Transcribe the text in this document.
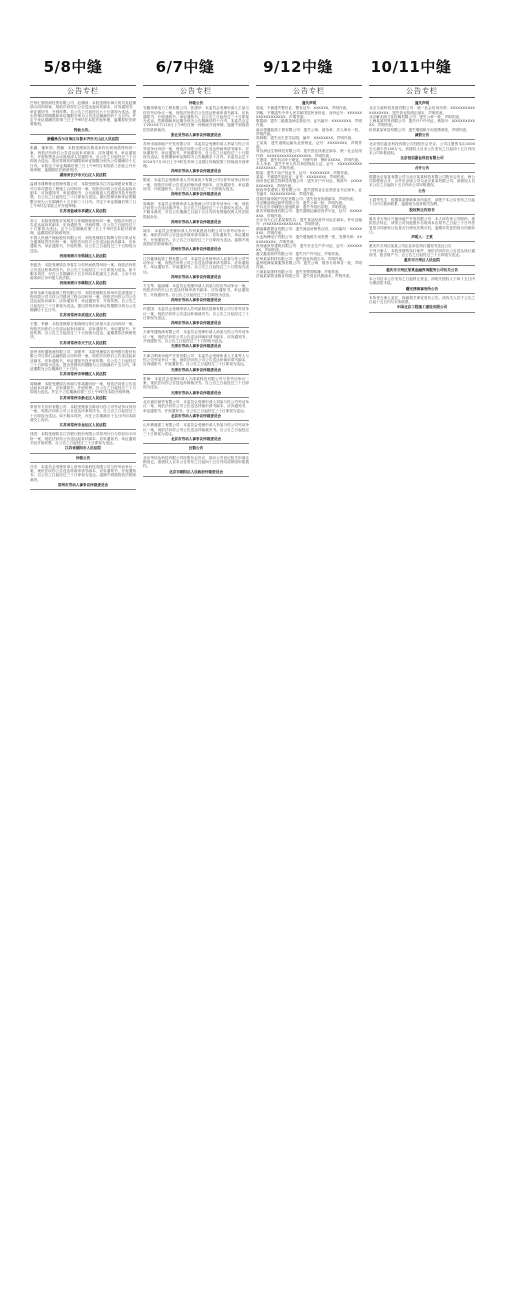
5/8中缝	6/7中缝	9/12中缝	10/11中缝
公告专栏
巴州汇德信润投资有限公司、赵渊侦：本院受理乐淘与贵司及赵渊侦合同纠纷案，现依法向你们公告送达起诉状副本、应诉通知书、举证通知书、开庭传票。自公告之日起经过六十日即视为送达。提出答辩状的期限和举证期限分别为公告送达期满后的十五日内。并定于举证期满后的第三日上午9时在本院开庭审理，逾期将依法缺席裁判。
特此公告。
新疆维吾尔自治区乌鲁木齐市天山区人民法院
张鹏、董家园、贾鹏：本院受理原告陈希诉你们民间借贷纠纷一案，现依法向你们公告送达起诉状副本、应诉通知书、举证通知书、开庭传票及合议庭组成人员通知书。自公告之日起经过三十日即视为送达。提出答辩状的期限和举证期限分别为公告期满后十五日内。本院定于举证期满后第三日上午9时在本院第三法庭公开开庭审理，逾期将依法缺席判决。
湖南省长沙市天心区人民法院
盐城市晟辉物业管理有限公司：本院受理原告江苏盐城建设有限公司与你司建设工程施工合同纠纷一案，现依法向你公告送达起诉状副本、应诉通知书、举证通知书、合议庭组成人员通知书及开庭传票。自公告之日起经过三十日即视为送达。提出答辩状和举证的期限分别为公告期满后十五日和三十日内。并定于举证期满后第三日上午9时在本院公开开庭审理。
江苏省盐城市亭湖区人民法院
高义：本院受理原告吴明芳与你婚姻家庭纠纷一案，现依法向你公告送达起诉状副本、应诉通知书、开庭传票。自公告之日起经过三十日即视为送达。定于公告期满后第三日上午9时在本院开庭审理，逾期将依法缺席判决。
中国人民财产保险股份有限公司：本院受理原告陈辉与你方机动车交通事故责任纠纷一案，现依法向你方公告送达起诉状副本、应诉通知书、举证通知书、开庭传票。自公告之日起经过三十日即视为送达。
河南省商丘市梁园区人民法院
李振杰：本院受理原告李春生与你民间借贷纠纷一案，现依法向你公告送达民事判决书。自公告之日起经过三十日即视为送达。如不服本判决，可在公告期满后十五日内向本院递交上诉状，上诉于河南省商丘市中级人民法院。
河南省商丘市睢阳区人民法院
常州市新天地装饰工程有限公司：本院受理原告常州市武进建设工程有限公司与你公司建设工程合同纠纷一案，现依法向你公司公告送达起诉状副本、应诉通知书、举证通知书、开庭传票。自公告之日起经过三十日即视为送达。提出答辩状和举证的期限分别为公告期满后十五日内。
江苏省常州市武进区人民法院
王强、李静：本院受理原告张晓明与你们房屋买卖合同纠纷一案，现依法向你们公告送达起诉状副本、应诉通知书、举证通知书、开庭传票。自公告之日起经过三十日即视为送达。逾期将依法缺席判决。
江苏省常州市天宁区人民法院
常州市恒通物流有限公司、刘建华：本院受理原告常州银行股份有限公司与你们金融借款合同纠纷一案，现依法向你们公告送达起诉状副本、应诉通知书、举证通知书及开庭传票。自公告之日起经过三十日即视为送达。提出答辩状的期限为公告期满后十五日内，举证期限为公告期满后三十日内。
江苏省常州市钟楼区人民法院
周晓峰：本院受理原告孙丽与你离婚纠纷一案，现依法向你公告送达起诉状副本、应诉通知书、开庭传票。自公告之日起经过三十日即视为送达。并定于公告期满后第三日上午9时在本院开庭审理。
江苏省常州市新北区人民法院
常州东方纺织有限公司：本院受理原告陈伟与你公司劳动争议纠纷一案，现依法向你公司公告送达民事判决书。自公告之日起经过三十日即视为送达。如不服本判决，可在公告期满后十五日内向本院递交上诉状。
江苏省常州市金坛区人民法院
钱进：本院受理原告江苏银行股份有限公司常州分行与你信用卡纠纷一案，现依法向你公告送达起诉状副本、应诉通知书、举证通知书及开庭传票。自公告之日起经过三十日即视为送达。
江苏省溧阳市人民法院
仲裁公告
吕杰：本委员会受理申请人常州市某科技有限公司与你劳动争议一案，现依法向你公告送达仲裁申请书副本、应诉通知书、开庭通知书。自公告之日起经过三十日即视为送达。逾期不到庭将依法缺席裁决。
常州市劳动人事争议仲裁委员会
公告专栏
仲裁公告
安徽得康电力工程有限公司、张建华：本委员会受理申请人王某与你们劳动争议一案，现依法向你们公告送达仲裁申请书副本、应诉通知书、开庭通知书、举证通知书。自公告之日起经过三十日即视为送达。答辩期和举证期分别为公告期满后的十日内。本委员会定于2024年7月10日上午9时在第一仲裁庭开庭审理，逾期不到庭将依法缺席裁决。
张北县劳动人事争议仲裁委员会
苏州禾瑞房地产开发有限公司：本委员会受理申请人李某与你公司劳动争议纠纷一案，现依法向你公司公告送达仲裁申请书副本、应诉通知书、举证通知书、开庭通知书。自公告之日起经过三十日即视为送达。答辩期和举证期均为公告期满后十日内。本委员会定于2024年7月15日上午9时在苏州工业园区仲裁院第三仲裁庭开庭审理。
苏州市劳动人事争议仲裁委员会
陈成：本委员会受理申请人苏州某电子有限公司与你劳动争议纠纷一案，现依法向你公告送达仲裁申请书副本、应诉通知书、举证通知书、开庭通知书。自公告之日起经过三十日即视为送达。
苏州市劳动人事争议仲裁委员会
周海波：本委员会受理申请人某物流公司与你劳动争议一案，现依法向你公告送达裁决书。自公告之日起经过三十日即视为送达。如不服本裁决，可自公告期满之日起十五日内向有管辖权的人民法院提起诉讼。
苏州市劳动人事争议仲裁委员会
城市：本委员会受理申请人苏州某建设有限公司与你劳动争议一案，现依法向你公告送达仲裁申请书副本、应诉通知书、举证通知书、开庭通知书。自公告之日起经过三十日即视为送达。逾期不到庭将依法缺席裁决。
苏州市劳动人事争议仲裁委员会
江苏鑫晟装饰工程有限公司：本委员会受理申请人赵某与你公司劳动争议一案，现依法向你公司公告送达仲裁申请书副本、应诉通知书、举证通知书、开庭通知书。自公告之日起经过三十日即视为送达。
苏州市劳动人事争议仲裁委员会
方宝琴、陆丽娜：本委员会受理申请人刘某与你们劳动争议一案，现依法向你们公告送达仲裁申请书副本、应诉通知书、举证通知书、开庭通知书。自公告之日起经过三十日即视为送达。
苏州市劳动人事争议仲裁委员会
许建国：本委员会受理申请人苏州某餐饮管理有限公司与你劳动争议一案，现依法向你公告送达仲裁裁决书。自公告之日起经过三十日即视为送达。
苏州市劳动人事争议仲裁委员会
天津华通物流有限公司：本委员会受理申请人孙某与你公司劳动争议一案，现依法向你公司公告送达仲裁申请书副本、应诉通知书、开庭通知书。自公告之日起经过三十日即视为送达。
天津市劳动人事争议仲裁委员会
天津吉利来房地产开发有限公司：本委员会受理申请人王某等人与你公司劳动争议一案，现依法向你公司公告送达仲裁申请书副本、应诉通知书、开庭通知书。自公告之日起经过三十日即视为送达。
天津市劳动人事争议仲裁委员会
张海：本委员会受理申请人天津某科技有限公司与你劳动争议一案，现依法向你公告送达仲裁裁决书。自公告之日起经过三十日即视为送达。
天津市劳动人事争议仲裁委员会
北京嘉信商贸有限公司：本委员会受理申请人刘某与你公司劳动争议一案，现依法向你公司公告送达仲裁申请书副本、应诉通知书、举证通知书、开庭通知书。自公告之日起经过三十日即视为送达。
北京市劳动人事争议仲裁委员会
山东鼎盛建工有限公司：本委员会受理申请人李某与你公司劳动争议一案，现依法向你公司公告送达仲裁裁决书。自公告之日起经过三十日即视为送达。
北京市劳动人事争议仲裁委员会
注销公告
北京华信达科技有限公司经股东会决议，拟向公司登记机关申请注销登记，请债权人自本公告发布之日起四十五日内向清算组申报债权。
北京市朝阳区人民政府仲裁委员会
公告专栏
遗失声明
周某，不慎遗失警官证，警官证号：XXXXXX，声明作废。
刘敏，不慎遗失中华人民共和国居民身份证，身份证号：XXXXXXXXXXXXXXXXXX，声明作废。
陈霞丽：遗失二级建造师注册证书，证书编号：XXXXXXXX，声明作废。
南京建鑫装饰工程有限公司：遗失公章、财务章、法人章各一枚，声明作废。
郭林强：遗失出生医学证明，编号：XXXXXXXX，声明作废。
王某某：遗失道路运输从业资格证，证号：XXXXXXXX，声明作废。
青岛润达生物科技有限公司：遗失营业执照正副本，统一社会信用代码：XXXXXXXXXXXXXXXXXX，声明作废。
王建成：遗失机动车行驶证，号牌号码：鲁B·XXXXX，声明作废。
本人李某：遗失中华人民共和国残疾人证，证号：XXXXXXXXXXXXXXXXXX，声明作废。
陈某：遗失不动产权证书，证号：XXXXXXXX，声明作废。
某某：不慎遗失退伍证，证号：XXXXXXXX，声明作废。
西安泰亿源生物科技有限公司：遗失开户许可证，核准号：JXXXXXXXXXXX，声明作废。
陕西华泰建筑工程有限公司：遗失建筑业企业资质证书正副本，证书编号：DXXXXXXXXX，声明作废。
昆明祥瑞房地产经纪有限公司：遗失营业执照副本，声明作废。
北京腾达明远商贸有限公司：遗失公章一枚，声明作废。
中共北京市朝阳区委组织部：遗失介绍信存根，声明作废。
重庆荣驰物流有限公司：遗失道路运输经营许可证，证号：XXXXXXXX，声明作废。
长沙市天心区某某餐饮店：遗失食品经营许可证正副本，许可证编号：JYXXXXXXXXXXXXXX，声明作废。
湖南鑫源置业有限公司：遗失商品房销售合同，合同编号：XXXXXXXX，声明作废。
大连海博电子有限公司：遗失增值税专用发票一张，发票代码：XXXXXXXXXX，声明作废。
贵州盛世华建筑有限公司：遗失安全生产许可证，证号：XXXXXXXX，声明作废。
遵义鑫泰商贸有限公司：遗失开户许可证，声明作废。
杭州某某科技有限公司：遗失营业执照正本，声明作废。
温州瓯海某某服饰有限公司：遗失公章、财务专用章各一枚，声明作废。
天津某某建材有限公司：遗失发票领购簿，声明作废。
济南某某物业服务有限公司：遗失营业执照副本，声明作废。
公告专栏
遗失声明
北京文政科技发展有限公司：统一社会信用代码：XXXXXXXXXXXXXXXXXX，遗失营业执照正副本，声明作废。
北京紫光阁文化传媒有限公司：遗失公章一枚，声明作废。
上海某某贸易有限公司：遗失开户许可证，核准号：JXXXXXXXXXXX，声明作废。
杭州某某家居有限公司：遗失增值税专用发票两张，声明作废。
减资公告
北京恒信嘉业科技有限公司经股东会决议，公司注册资本由1000万元减少至100万元，请债权人自本公告发布之日起四十五日内向本公司申报债权。
北京恒信嘉业科技有限公司
合并公告
根据北京某某有限公司与北京某某科技有限公司股东会决议，两公司拟吸收合并，合并后存续公司为北京某某有限公司，请债权人自本公告之日起四十五日内向公司申报债权。
公告
王碧华先生：根据某某律师事务所委托，请您于本公告发布之日起十日内与我所联系，逾期视为放弃相关权利。
股权转让告知书
重庆市万州区兴盛房地产开发有限公司：本人持有贵公司股份，现拟依法转让，请贵公司其他股东自收到本告知书之日起三十日内答复是否同意转让及是否行使优先购买权，逾期未答复的视为同意转让。
声明人：王某
重庆市万州区某某公司企业诉讼执行通知书送达公告
下列当事人：本院受理的执行案件，现依法向你们公告送达执行通知书、报告财产令。自公告之日起经过三十日即视为送达。
重庆市万州区人民法院
重庆市万州区某某金融咨询服务公司有关公告
本公司自本公告发布之日起停止营业，请相关债权人于四十五日内办理清偿手续。
曙光律师事务所公告
本所受当事人委托，现就相关事宜发布公告，请有关人员于公告之日起十五日内与本所联系。
中国北京工程施工建设有限公司
